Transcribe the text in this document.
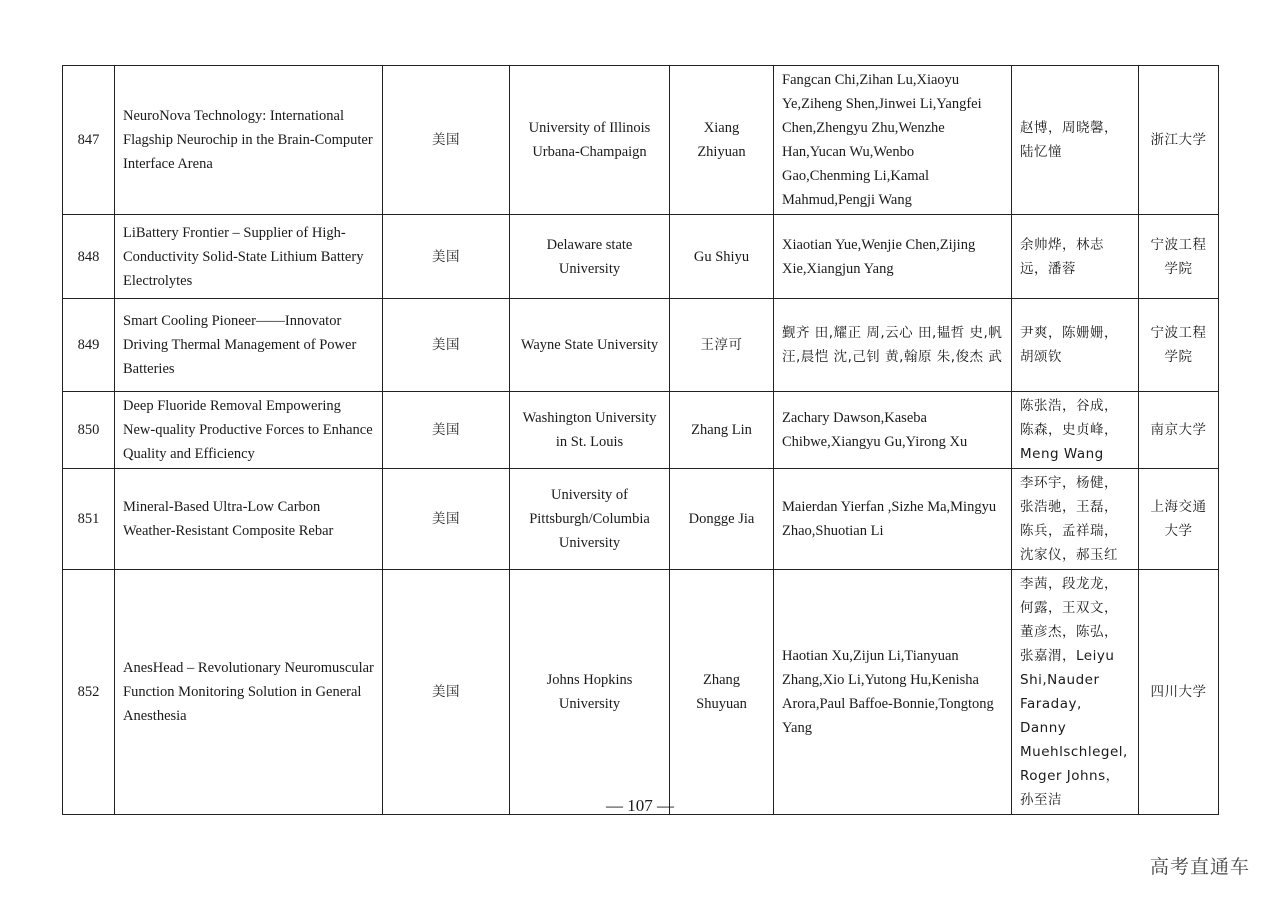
847	NeuroNova Technology: International Flagship Neurochip in the Brain-Computer Interface Arena	美国	University of Illinois Urbana-Champaign	Xiang Zhiyuan	Fangcan Chi,Zihan Lu,Xiaoyu Ye,Ziheng Shen,Jinwei Li,Yangfei Chen,Zhengyu Zhu,Wenzhe Han,Yucan Wu,Wenbo Gao,Chenming Li,Kamal Mahmud,Pengji Wang	赵博，周晓馨，陆忆憧	浙江大学
848	LiBattery Frontier – Supplier of High-Conductivity Solid-State Lithium Battery Electrolytes	美国	Delaware state University	Gu Shiyu	Xiaotian Yue,Wenjie Chen,Zijing Xie,Xiangjun Yang	余帅烨，林志远，潘蓉	宁波工程学院
849	Smart Cooling Pioneer——Innovator Driving Thermal Management of Power Batteries	美国	Wayne State University	王淳可	觐齐 田,耀正 周,云心 田,韫哲 史,帆 汪,晨恺 沈,己钊 黄,翰原 朱,俊杰 武	尹爽，陈姗姗，胡颂钦	宁波工程学院
850	Deep Fluoride Removal Empowering New-quality Productive Forces to Enhance Quality and Efficiency	美国	Washington University in St. Louis	Zhang Lin	Zachary Dawson,Kaseba Chibwe,Xiangyu Gu,Yirong Xu	陈张浩，谷成，陈森，史贞峰，Meng Wang	南京大学
851	Mineral-Based Ultra-Low Carbon Weather-Resistant Composite Rebar	美国	University of Pittsburgh/Columbia University	Dongge Jia	Maierdan Yierfan ,Sizhe Ma,Mingyu Zhao,Shuotian Li	李环宇，杨健，张浩驰，王磊，陈兵，孟祥瑞，沈家仪，郝玉红	上海交通大学
852	AnesHead – Revolutionary Neuromuscular Function Monitoring Solution in General Anesthesia	美国	Johns Hopkins University	Zhang Shuyuan	Haotian Xu,Zijun Li,Tianyuan Zhang,Xio Li,Yutong Hu,Kenisha Arora,Paul Baffoe-Bonnie,Tongtong Yang	李茜，段龙龙，何露，王双文，董彦杰，陈弘，张嘉渭，Leiyu Shi,Nauder Faraday, Danny Muehlschlegel, Roger Johns，孙至洁	四川大学
— 107 —
高考直通车
